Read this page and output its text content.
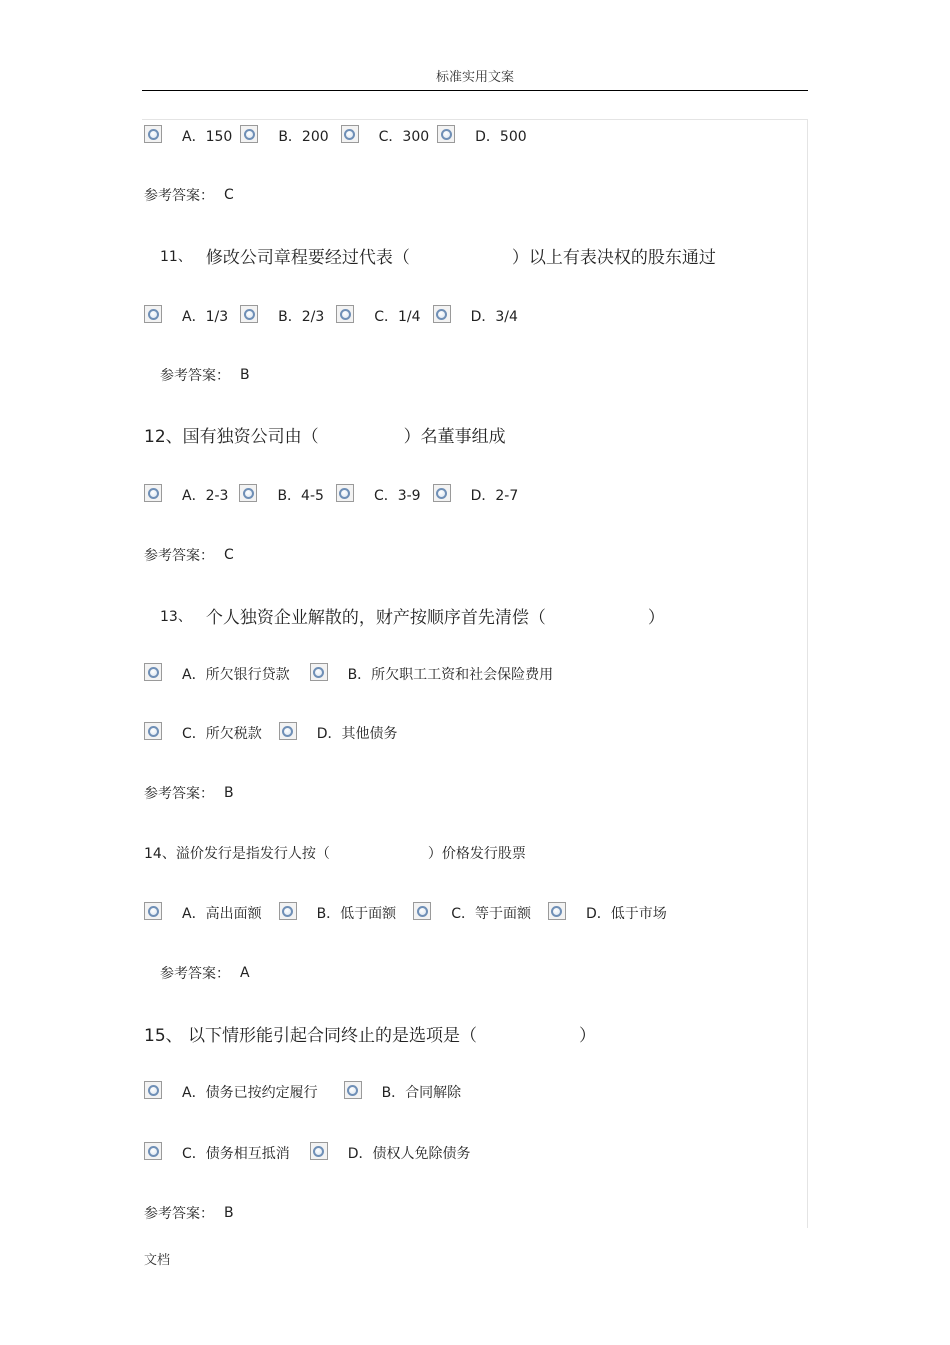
标准实用文案
A．150	B．200	C．300	D．500
参考答案： C
11、 修改公司章程要经过代表（　　　　　　）以上有表决权的股东通过
A．1/3	B．2/3	C．1/4	D．3/4
参考答案： B
12、国有独资公司由（　　　　　）名董事组成
A．2-3	B．4-5	C．3-9	D．2-7
参考答案： C
13、 个人独资企业解散的，财产按顺序首先清偿（　　　　　　）
A．所欠银行贷款	B．所欠职工工资和社会保险费用
C．所欠税款	D．其他债务
参考答案： B
14、溢价发行是指发行人按（　　　　　　　）价格发行股票
A．高出面额	B．低于面额	C．等于面额	D．低于市场
参考答案： A
15、 以下情形能引起合同终止的是选项是（　　　　　　）
A．债务已按约定履行	B．合同解除
C．债务相互抵消	D．债权人免除债务
参考答案： B
文档
